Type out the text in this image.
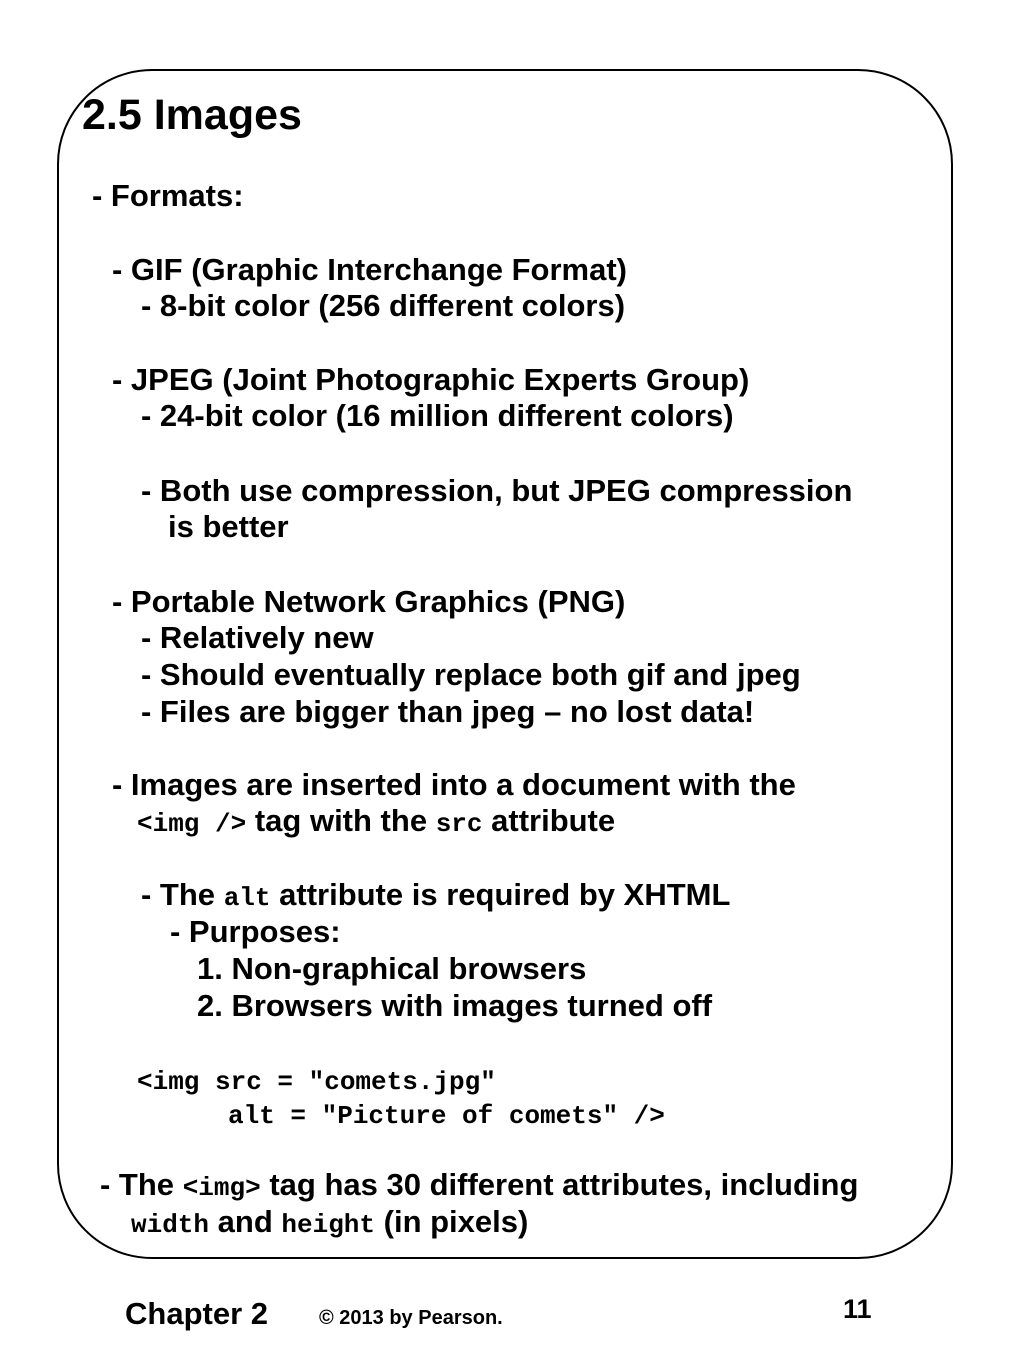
2.5 Images
- Formats:
- GIF (Graphic Interchange Format)
- 8-bit color (256 different colors)
- JPEG (Joint Photographic Experts Group)
- 24-bit color (16 million different colors)
- Both use compression, but JPEG compression
is better
- Portable Network Graphics (PNG)
- Relatively new
- Should eventually replace both gif and jpeg
- Files are bigger than jpeg – no lost data!
- Images are inserted into a document with the
<img /> tag with the src attribute
- The alt attribute is required by XHTML
- Purposes:
1. Non-graphical browsers
2. Browsers with images turned off
<img src = "comets.jpg"
alt = "Picture of comets" />
- The <img> tag has 30 different attributes, including
width and height (in pixels)
Chapter 2	© 2013 by Pearson.	11
